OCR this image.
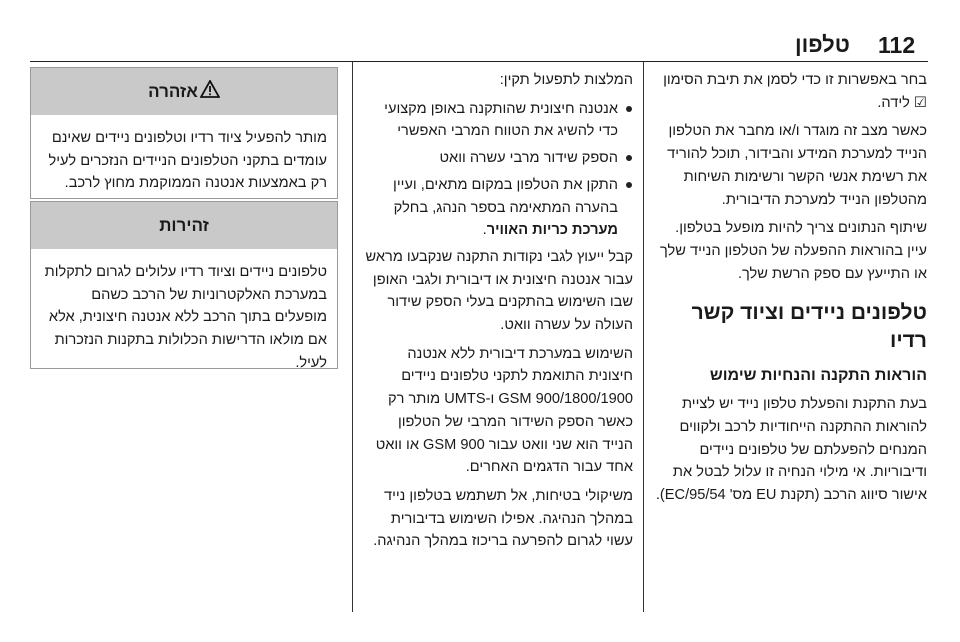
112
טלפון

בחר באפשרות זו כדי לסמן את תיבת הסימון ☑ לידה.

כאשר מצב זה מוגדר ו/או מחבר את הטלפון הנייד למערכת המידע והבידור, תוכל להוריד את רשימת אנשי הקשר ורשימות השיחות מהטלפון הנייד למערכת הדיבורית.

שיתוף הנתונים צריך להיות מופעל בטלפון. עיין בהוראות ההפעלה של הטלפון הנייד שלך או התייעץ עם ספק הרשת שלך.

טלפונים ניידים וציוד קשר רדיו
הוראות התקנה והנחיות שימוש

בעת התקנת והפעלת טלפון נייד יש לציית להוראות ההתקנה הייחודיות לרכב ולקווים המנחים להפעלתם של טלפונים ניידים ודיבוריות. אי מילוי הנחיה זו עלול לבטל את אישור סיווג הרכב (תקנת EU מס' 95/54/EC).

המלצות לתפעול תקין:

אנטנה חיצונית שהותקנה באופן מקצועי כדי להשיג את הטווח המרבי האפשרי
הספק שידור מרבי עשרה וואט
התקן את הטלפון במקום מתאים, ועיין בהערה המתאימה בספר הנהג, בחלק מערכת כריות האוויר.

קבל ייעוץ לגבי נקודות התקנה שנקבעו מראש עבור אנטנה חיצונית או דיבורית ולגבי האופן שבו השימוש בהתקנים בעלי הספק שידור העולה על עשרה וואט.

השימוש במערכת דיבורית ללא אנטנה חיצונית התואמת לתקני טלפונים ניידים GSM 900/1800/1900 ו-UMTS מותר רק כאשר הספק השידור המרבי של הטלפון הנייד הוא שני וואט עבור GSM 900 או וואט אחד עבור הדגמים האחרים.

משיקולי בטיחות, אל תשתמש בטלפון נייד במהלך הנהיגה. אפילו השימוש בדיבורית עשוי לגרום להפרעה בריכוז במהלך הנהיגה.

אזהרה
מותר להפעיל ציוד רדיו וטלפונים ניידים שאינם עומדים בתקני הטלפונים הניידים הנזכרים לעיל רק באמצעות אנטנה הממוקמת מחוץ לרכב.
זהירות
טלפונים ניידים וציוד רדיו עלולים לגרום לתקלות במערכת האלקטרוניות של הרכב כשהם מופעלים בתוך הרכב ללא אנטנה חיצונית, אלא אם מולאו הדרישות הכלולות בתקנות הנזכרות לעיל.
